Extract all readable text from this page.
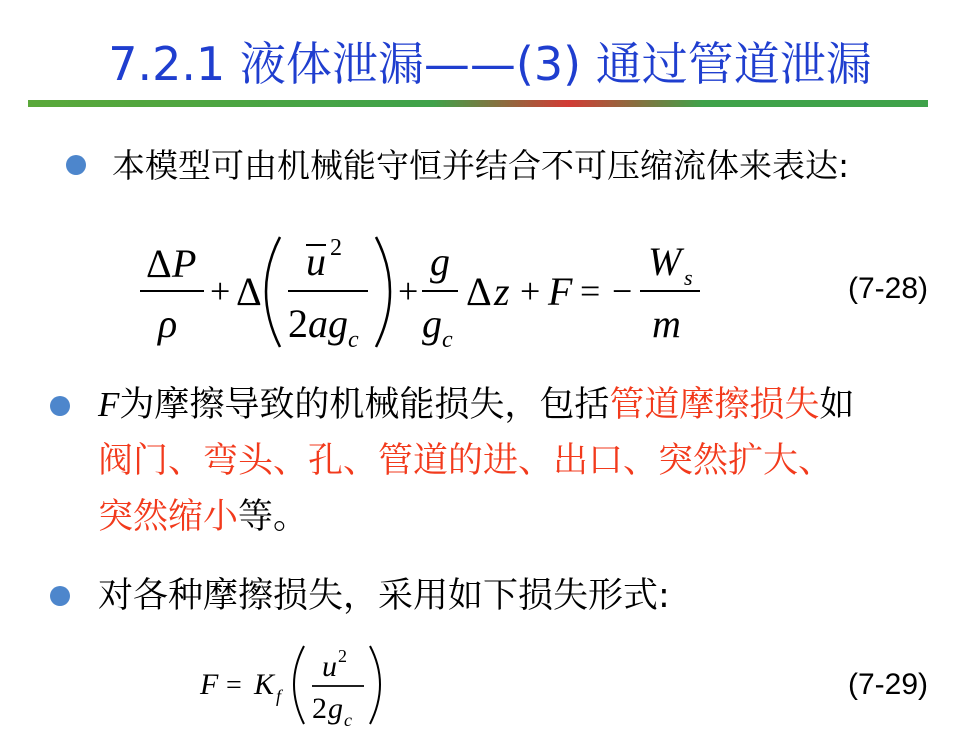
7.2.1 液体泄漏——(3) 通过管道泄漏
本模型可由机械能守恒并结合不可压缩流体来表达:
Δ P
ρ
+ Δ
u 2
2 ag c
+
g
g c
Δ z + F = −
W s
m
(7-28)
F为摩擦导致的机械能损失，包括管道摩擦损失如
阀门、弯头、孔、管道的进、出口、突然扩大、
突然缩小等。
对各种摩擦损失，采用如下损失形式:
F = K f
u 2
2 g c
(7-29)
